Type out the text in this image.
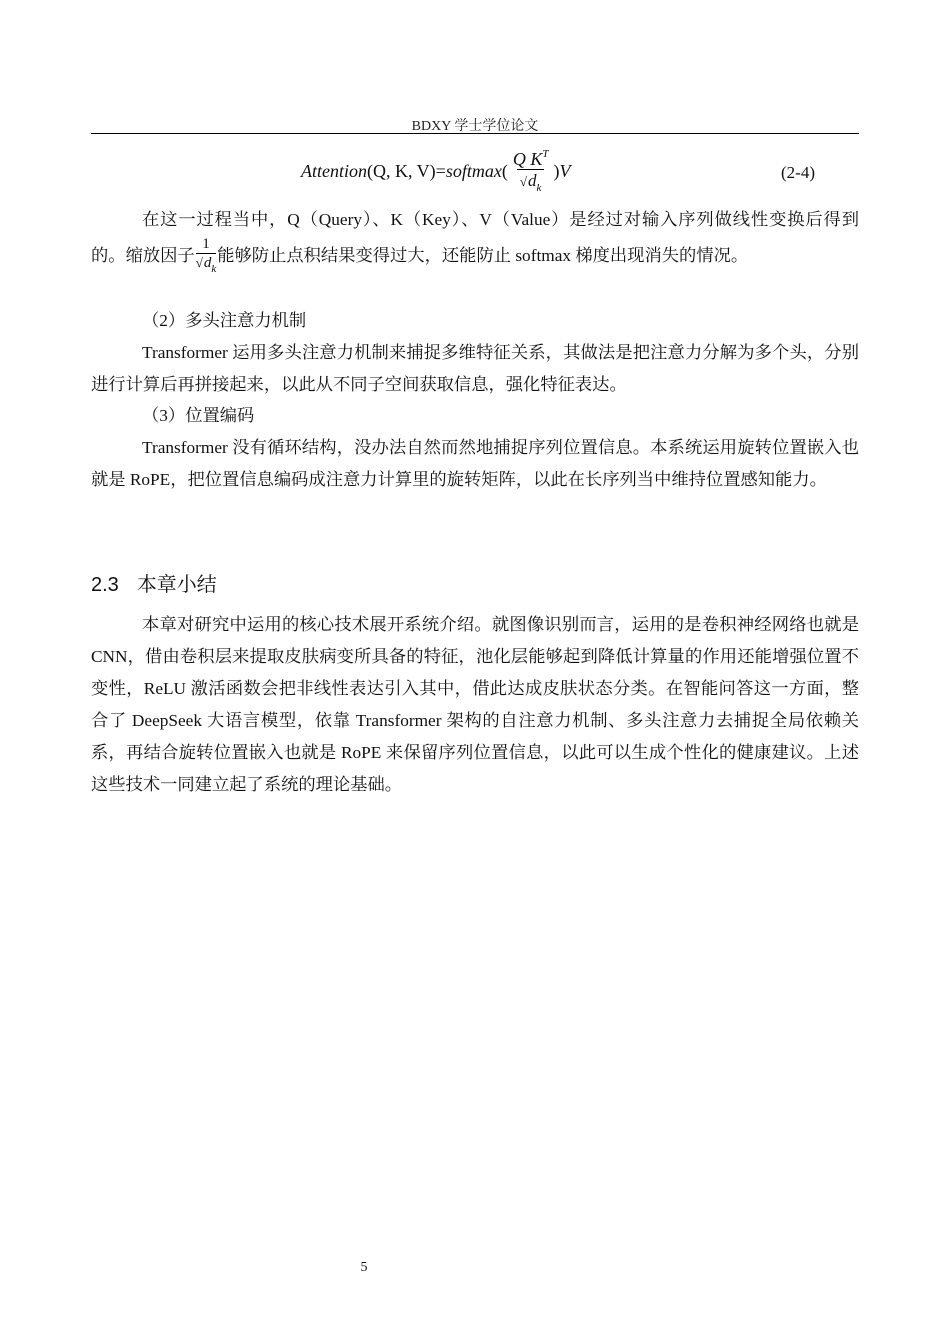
BDXY 学士学位论文
Attention (Q, K, V) = softmax ( $\frac{Q K^T}{√d_k}$ ) V	(2-4)

在这一过程当中，Q（Query）、K（Key）、V（Value）是经过对输入序列做线性变换后得到的。缩放因子 $\frac{1}{√d_k}$ 能够防止点积结果变得过大，还能防止 softmax 梯度出现消失的情况。

（2）多头注意力机制

Transformer 运用多头注意力机制来捕捉多维特征关系，其做法是把注意力分解为多个头，分别进行计算后再拼接起来，以此从不同子空间获取信息，强化特征表达。

（3）位置编码

Transformer 没有循环结构，没办法自然而然地捕捉序列位置信息。本系统运用旋转位置嵌入也就是 RoPE，把位置信息编码成注意力计算里的旋转矩阵，以此在长序列当中维持位置感知能力。

2.3 本章小结

本章对研究中运用的核心技术展开系统介绍。就图像识别而言，运用的是卷积神经网络也就是 CNN，借由卷积层来提取皮肤病变所具备的特征，池化层能够起到降低计算量的作用还能增强位置不变性，ReLU 激活函数会把非线性表达引入其中，借此达成皮肤状态分类。在智能问答这一方面，整合了 DeepSeek 大语言模型，依靠 Transformer 架构的自注意力机制、多头注意力去捕捉全局依赖关系，再结合旋转位置嵌入也就是 RoPE 来保留序列位置信息，以此可以生成个性化的健康建议。上述这些技术一同建立起了系统的理论基础。

5
